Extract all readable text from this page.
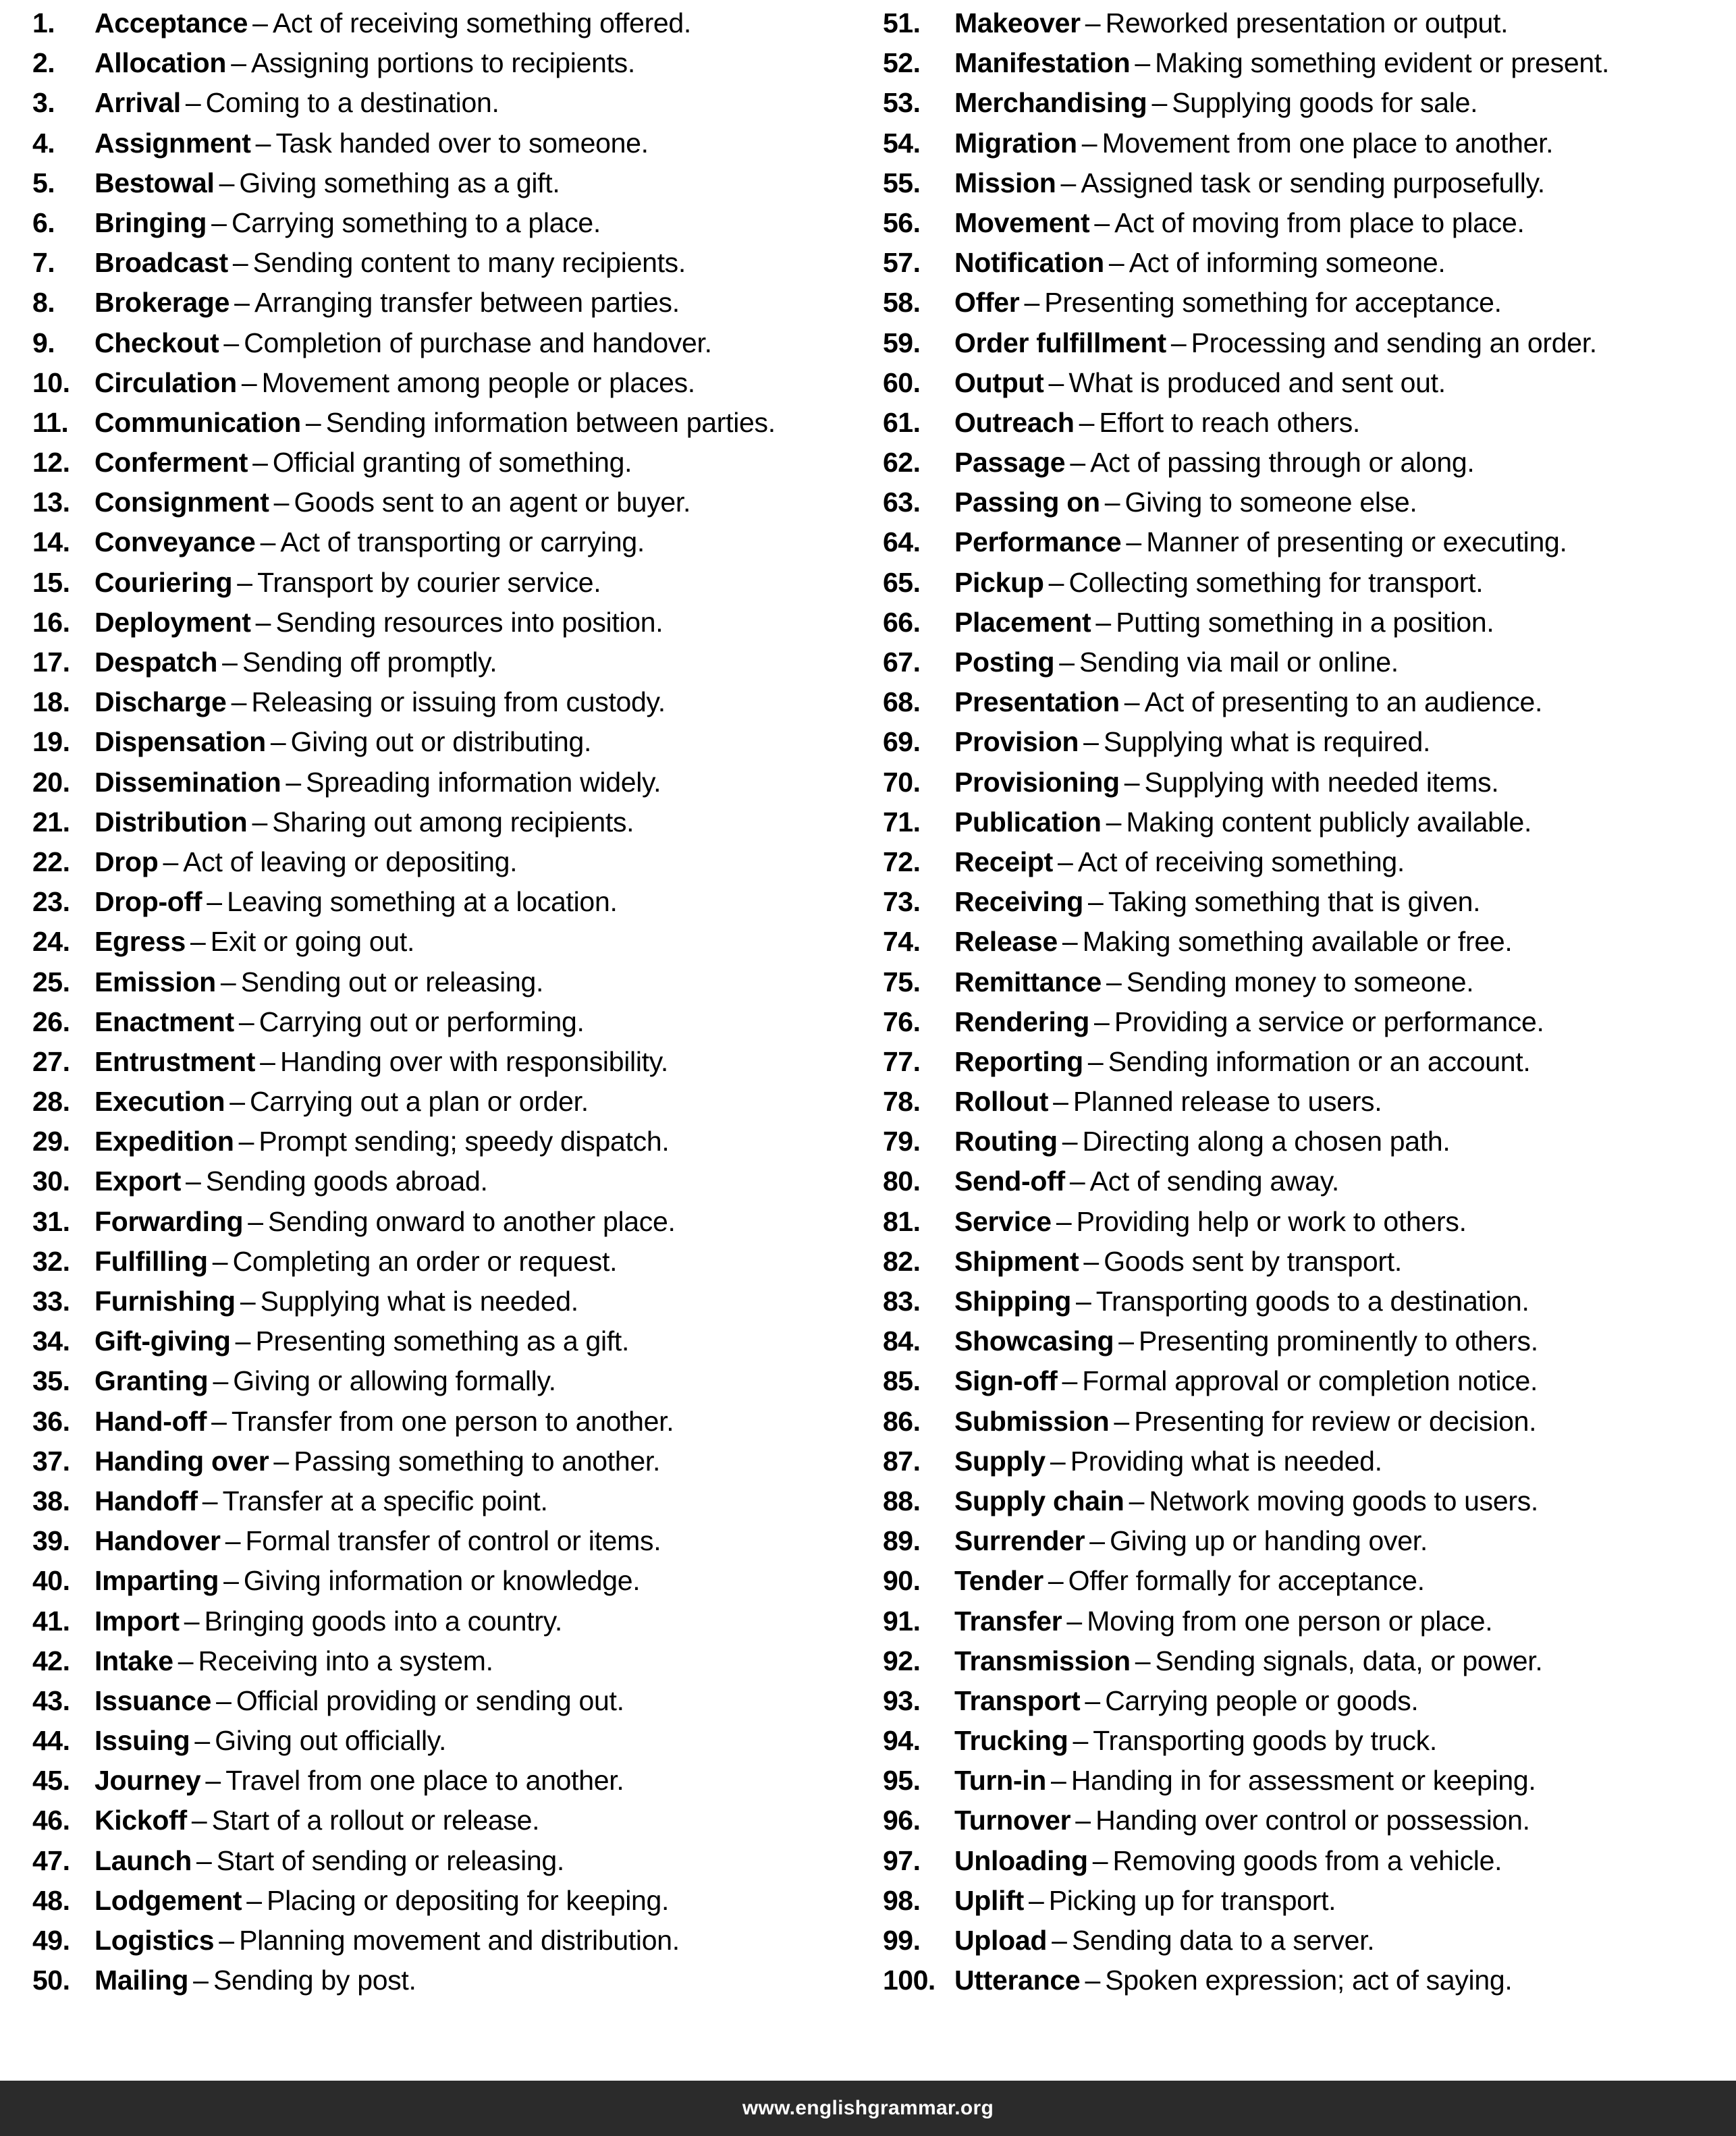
1.	Acceptance – Act of receiving something offered.
2.	Allocation – Assigning portions to recipients.
3.	Arrival – Coming to a destination.
4.	Assignment – Task handed over to someone.
5.	Bestowal – Giving something as a gift.
6.	Bringing – Carrying something to a place.
7.	Broadcast – Sending content to many recipients.
8.	Brokerage – Arranging transfer between parties.
9.	Checkout – Completion of purchase and handover.
10. Circulation – Movement among people or places.
11. Communication – Sending information between parties.
12. Conferment – Official granting of something.
13. Consignment – Goods sent to an agent or buyer.
14. Conveyance – Act of transporting or carrying.
15. Couriering – Transport by courier service.
16. Deployment – Sending resources into position.
17. Despatch – Sending off promptly.
18. Discharge – Releasing or issuing from custody.
19. Dispensation – Giving out or distributing.
20. Dissemination – Spreading information widely.
21. Distribution – Sharing out among recipients.
22. Drop – Act of leaving or depositing.
23. Drop-off – Leaving something at a location.
24. Egress – Exit or going out.
25. Emission – Sending out or releasing.
26. Enactment – Carrying out or performing.
27. Entrustment – Handing over with responsibility.
28. Execution – Carrying out a plan or order.
29. Expedition – Prompt sending; speedy dispatch.
30. Export – Sending goods abroad.
31. Forwarding – Sending onward to another place.
32. Fulfilling – Completing an order or request.
33. Furnishing – Supplying what is needed.
34. Gift-giving – Presenting something as a gift.
35. Granting – Giving or allowing formally.
36. Hand-off – Transfer from one person to another.
37. Handing over – Passing something to another.
38. Handoff – Transfer at a specific point.
39. Handover – Formal transfer of control or items.
40. Imparting – Giving information or knowledge.
41. Import – Bringing goods into a country.
42. Intake – Receiving into a system.
43. Issuance – Official providing or sending out.
44. Issuing – Giving out officially.
45. Journey – Travel from one place to another.
46. Kickoff – Start of a rollout or release.
47. Launch – Start of sending or releasing.
48. Lodgement – Placing or depositing for keeping.
49. Logistics – Planning movement and distribution.
50. Mailing – Sending by post.
51.	Makeover – Reworked presentation or output.
52.	Manifestation – Making something evident or present.
53.	Merchandising – Supplying goods for sale.
54.	Migration – Movement from one place to another.
55.	Mission – Assigned task or sending purposefully.
56.	Movement – Act of moving from place to place.
57.	Notification – Act of informing someone.
58.	Offer – Presenting something for acceptance.
59.	Order fulfillment – Processing and sending an order.
60.	Output – What is produced and sent out.
61.	Outreach – Effort to reach others.
62.	Passage – Act of passing through or along.
63.	Passing on – Giving to someone else.
64.	Performance – Manner of presenting or executing.
65.	Pickup – Collecting something for transport.
66.	Placement – Putting something in a position.
67.	Posting – Sending via mail or online.
68.	Presentation – Act of presenting to an audience.
69.	Provision – Supplying what is required.
70.	Provisioning – Supplying with needed items.
71.	Publication – Making content publicly available.
72.	Receipt – Act of receiving something.
73.	Receiving – Taking something that is given.
74.	Release – Making something available or free.
75.	Remittance – Sending money to someone.
76.	Rendering – Providing a service or performance.
77.	Reporting – Sending information or an account.
78.	Rollout – Planned release to users.
79.	Routing – Directing along a chosen path.
80.	Send-off – Act of sending away.
81.	Service – Providing help or work to others.
82.	Shipment – Goods sent by transport.
83.	Shipping – Transporting goods to a destination.
84.	Showcasing – Presenting prominently to others.
85.	Sign-off – Formal approval or completion notice.
86.	Submission – Presenting for review or decision.
87.	Supply – Providing what is needed.
88.	Supply chain – Network moving goods to users.
89.	Surrender – Giving up or handing over.
90.	Tender – Offer formally for acceptance.
91.	Transfer – Moving from one person or place.
92.	Transmission – Sending signals, data, or power.
93.	Transport – Carrying people or goods.
94.	Trucking – Transporting goods by truck.
95.	Turn-in – Handing in for assessment or keeping.
96.	Turnover – Handing over control or possession.
97.	Unloading – Removing goods from a vehicle.
98.	Uplift – Picking up for transport.
99.	Upload – Sending data to a server.
100. Utterance – Spoken expression; act of saying.
www.englishgrammar.org
